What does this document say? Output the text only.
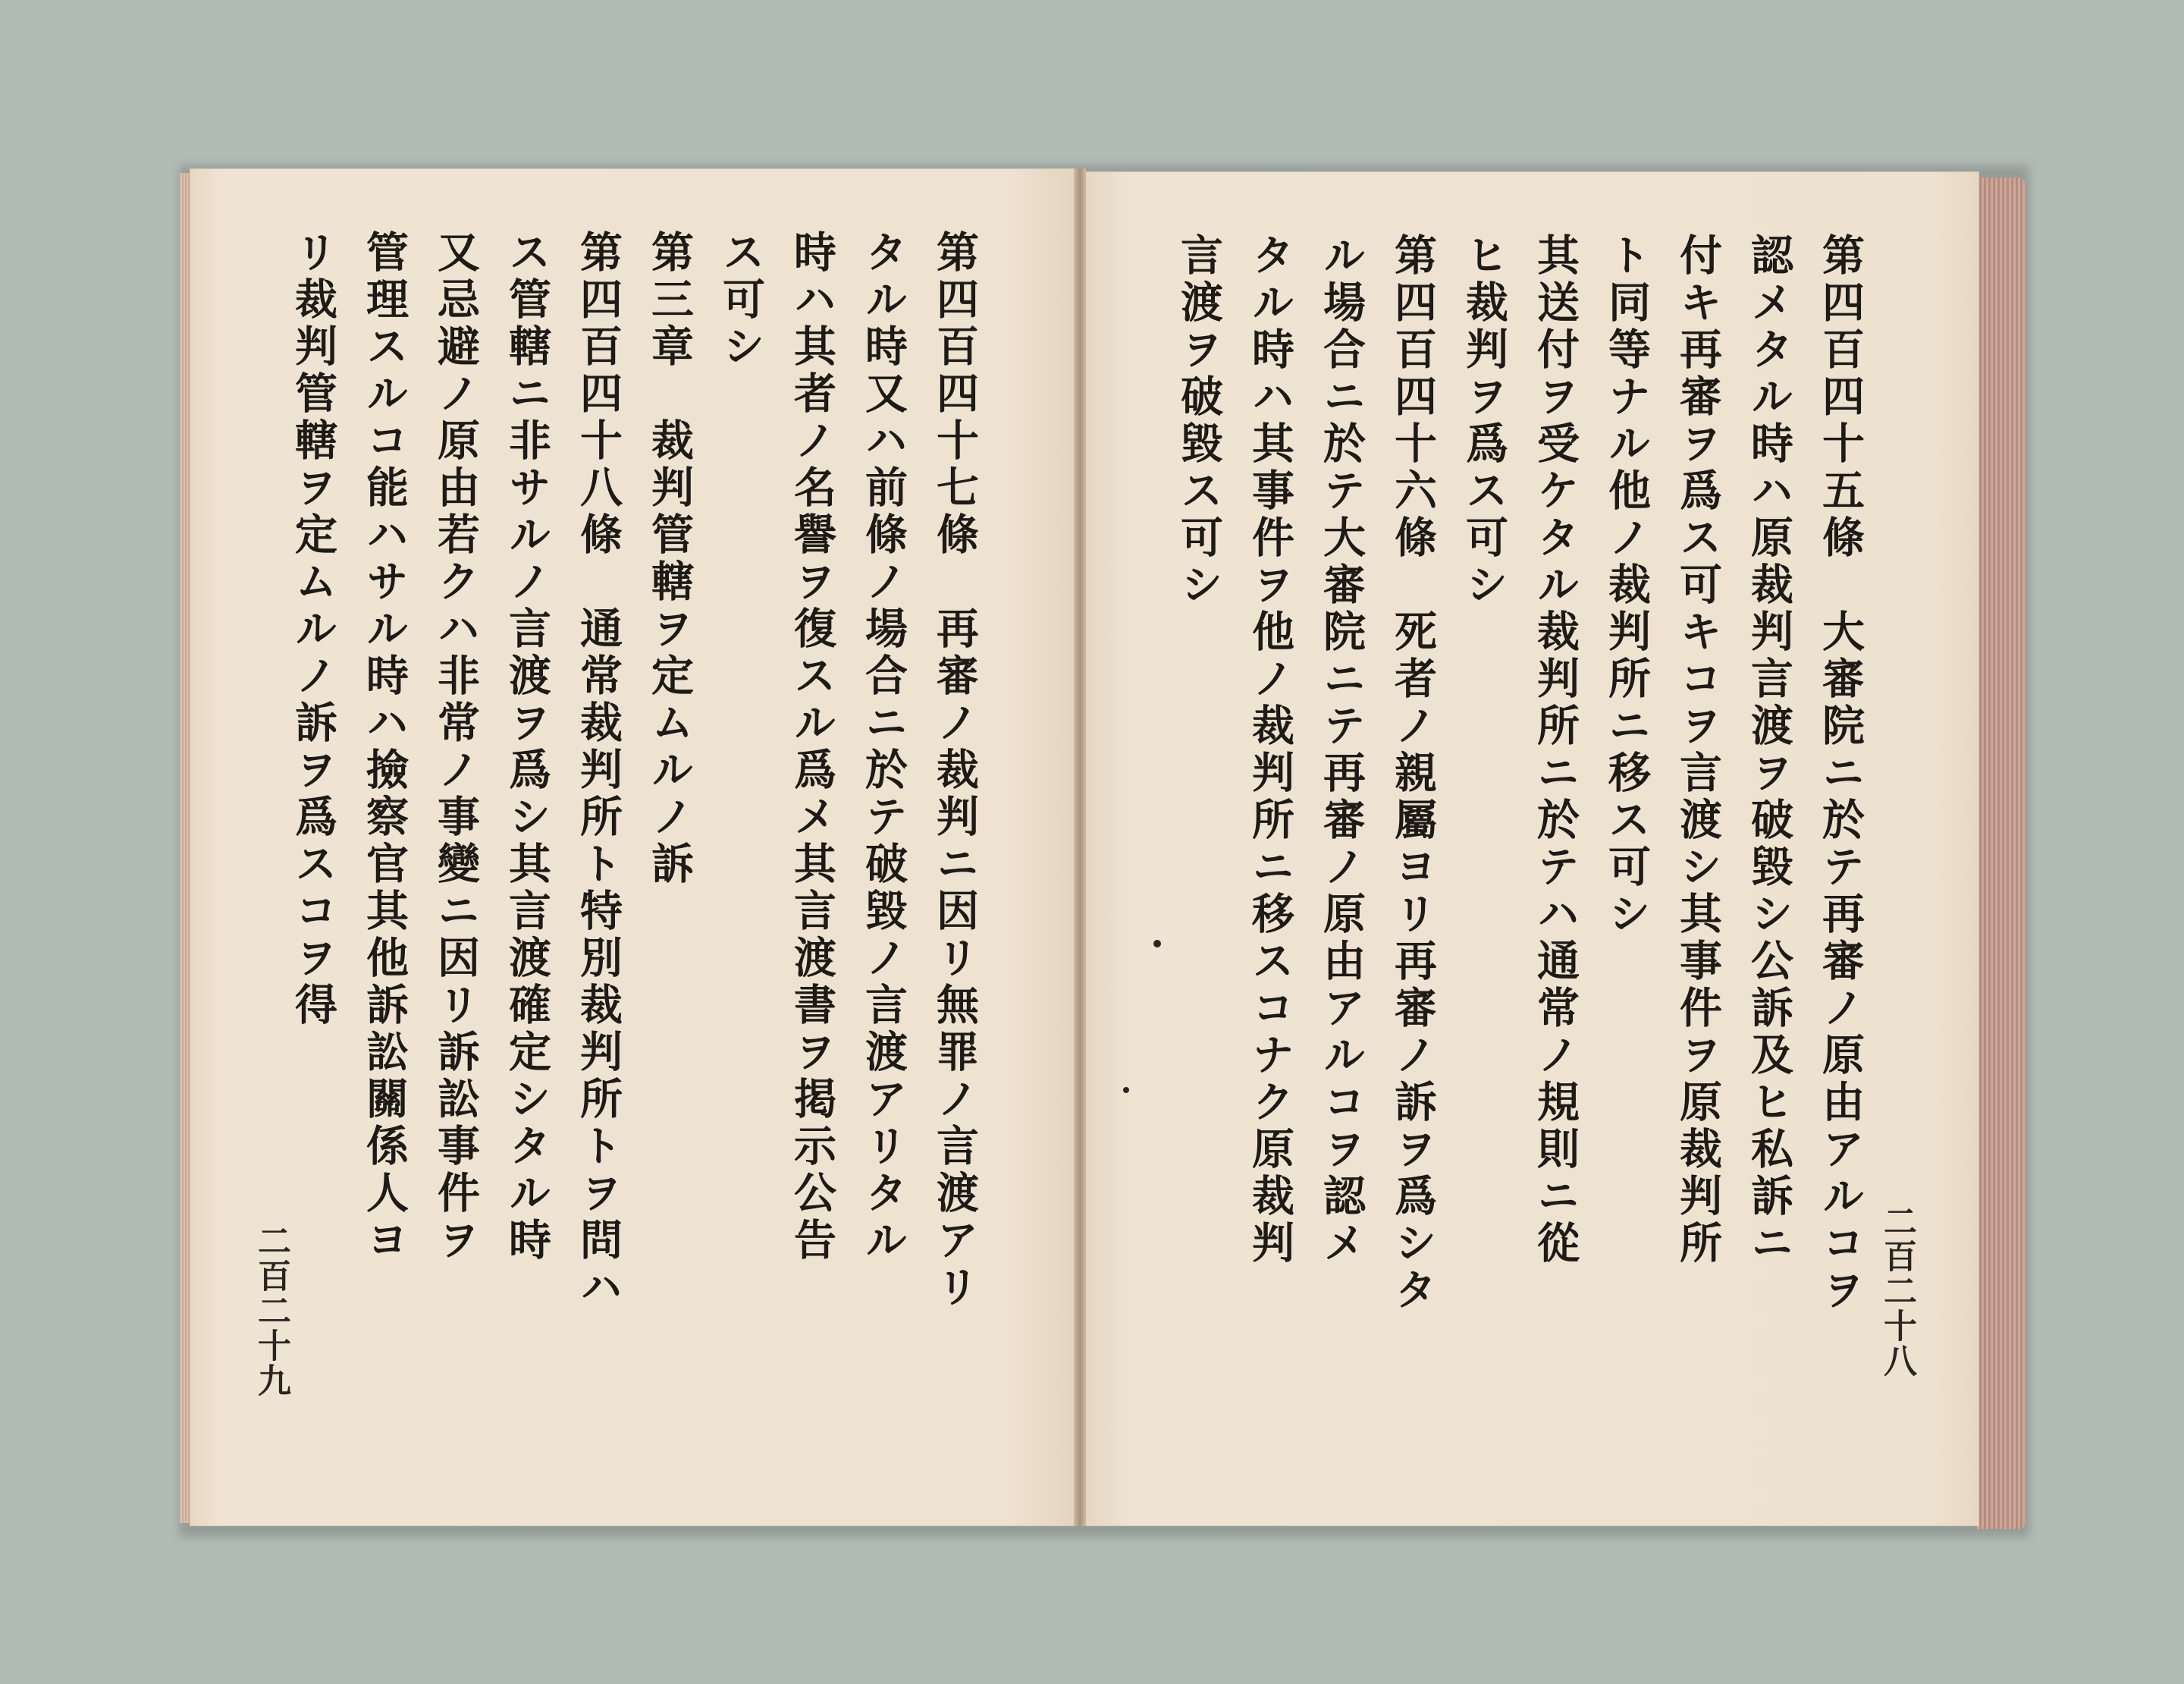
第四百四十七條　再審ノ裁判ニ因リ無罪ノ言渡アリ
タル時又ハ前條ノ場合ニ於テ破毀ノ言渡アリタル
時ハ其者ノ名譽ヲ復スル爲メ其言渡書ヲ掲示公告
ス可シ
第三章　裁判管轄ヲ定ムルノ訴
第四百四十八條　通常裁判所ト特別裁判所トヲ問ハ
ス管轄ニ非サルノ言渡ヲ爲シ其言渡確定シタル時
又忌避ノ原由若クハ非常ノ事變ニ因リ訴訟事件ヲ
管理スルコ能ハサル時ハ撿察官其他訴訟關係人ヨ
リ裁判管轄ヲ定ムルノ訴ヲ爲スコヲ得
二百二十九	第四百四十五條　大審院ニ於テ再審ノ原由アルコヲ
認メタル時ハ原裁判言渡ヲ破毀シ公訴及ヒ私訴ニ
付キ再審ヲ爲ス可キコヲ言渡シ其事件ヲ原裁判所
ト同等ナル他ノ裁判所ニ移ス可シ
其送付ヲ受ケタル裁判所ニ於テハ通常ノ規則ニ從
ヒ裁判ヲ爲ス可シ
第四百四十六條　死者ノ親屬ヨリ再審ノ訴ヲ爲シタ
ル場合ニ於テ大審院ニテ再審ノ原由アルコヲ認メ
タル時ハ其事件ヲ他ノ裁判所ニ移スコナク原裁判
言渡ヲ破毀ス可シ
二百二十八
